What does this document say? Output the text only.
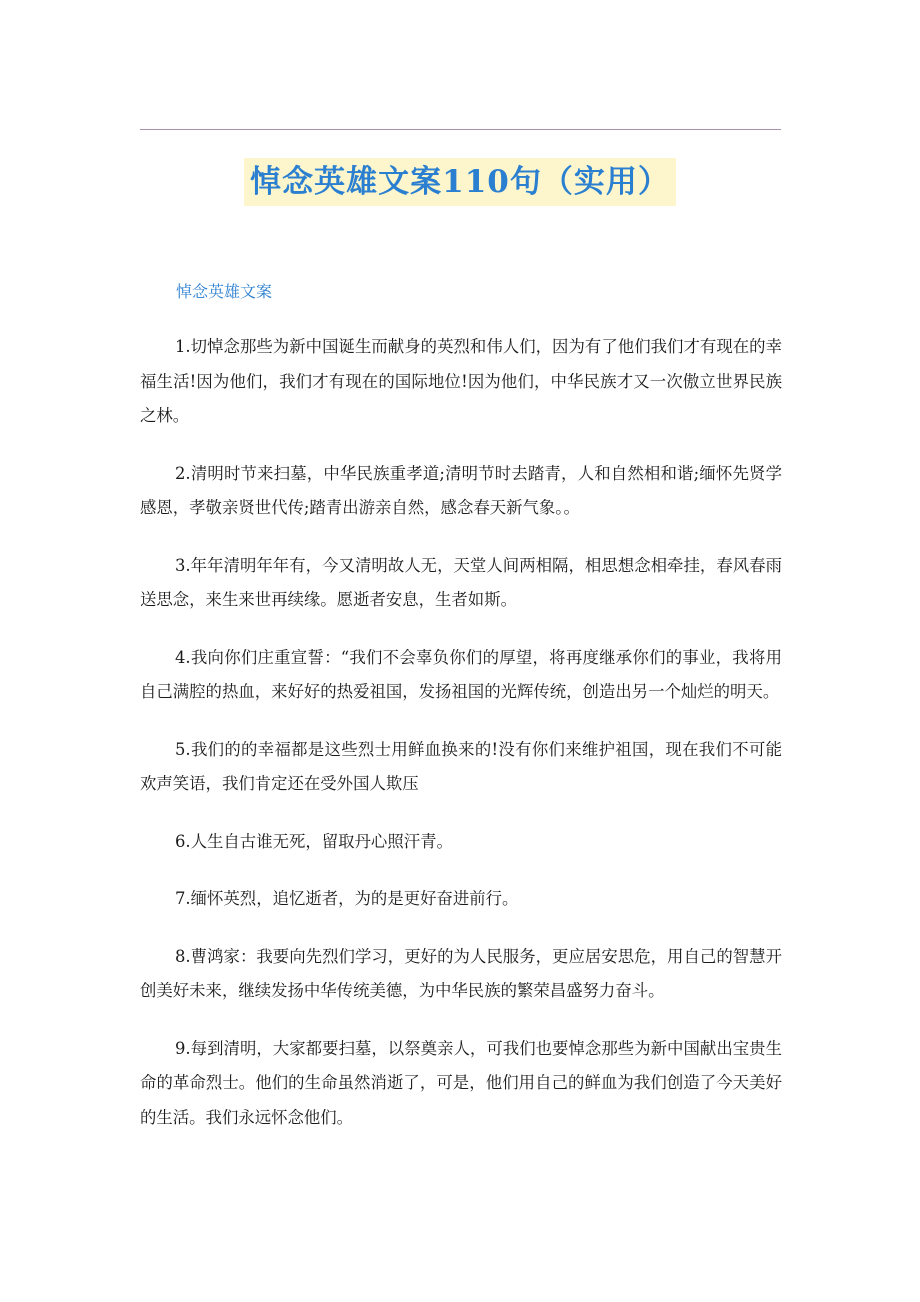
悼念英雄文案110句（实用）
悼念英雄文案

1.切悼念那些为新中国诞生而献身的英烈和伟人们，因为有了他们我们才有现在的幸福生活!因为他们，我们才有现在的国际地位!因为他们，中华民族才又一次傲立世界民族之林。

2.清明时节来扫墓，中华民族重孝道;清明节时去踏青，人和自然相和谐;缅怀先贤学感恩，孝敬亲贤世代传;踏青出游亲自然，感念春天新气象。。

3.年年清明年年有，今又清明故人无，天堂人间两相隔，相思想念相牵挂，春风春雨送思念，来生来世再续缘。愿逝者安息，生者如斯。

4.我向你们庄重宣誓：“我们不会辜负你们的厚望，将再度继承你们的事业，我将用自己满腔的热血，来好好的热爱祖国，发扬祖国的光辉传统，创造出另一个灿烂的明天。

5.我们的的幸福都是这些烈士用鲜血换来的!没有你们来维护祖国，现在我们不可能欢声笑语，我们肯定还在受外国人欺压

6.人生自古谁无死，留取丹心照汗青。

7.缅怀英烈，追忆逝者，为的是更好奋进前行。

8.曹鸿家：我要向先烈们学习，更好的为人民服务，更应居安思危，用自己的智慧开创美好未来，继续发扬中华传统美德，为中华民族的繁荣昌盛努力奋斗。

9.每到清明，大家都要扫墓，以祭奠亲人，可我们也要悼念那些为新中国献出宝贵生命的革命烈士。他们的生命虽然消逝了，可是，他们用自己的鲜血为我们创造了今天美好的生活。我们永远怀念他们。
